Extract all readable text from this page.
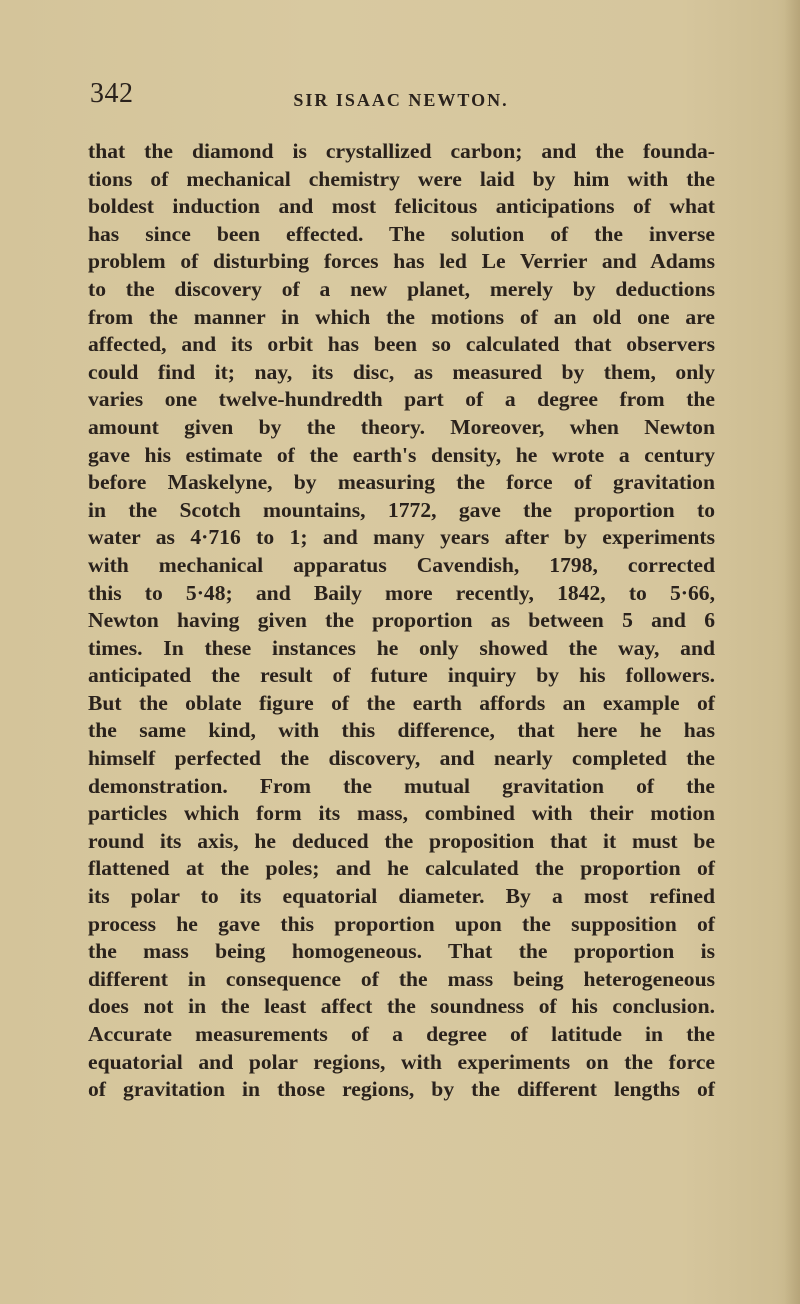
342	SIR ISAAC NEWTON.
that the diamond is crystallized carbon; and the founda-
tions of mechanical chemistry were laid by him with the
boldest induction and most felicitous anticipations of what
has since been effected. The solution of the inverse
problem of disturbing forces has led Le Verrier and Adams
to the discovery of a new planet, merely by deductions
from the manner in which the motions of an old one are
affected, and its orbit has been so calculated that observers
could find it; nay, its disc, as measured by them, only
varies one twelve-hundredth part of a degree from the
amount given by the theory. Moreover, when Newton
gave his estimate of the earth's density, he wrote a century
before Maskelyne, by measuring the force of gravitation
in the Scotch mountains, 1772, gave the proportion to
water as 4·716 to 1; and many years after by experiments
with mechanical apparatus Cavendish, 1798, corrected
this to 5·48; and Baily more recently, 1842, to 5·66,
Newton having given the proportion as between 5 and 6
times. In these instances he only showed the way, and
anticipated the result of future inquiry by his followers.
But the oblate figure of the earth affords an example of
the same kind, with this difference, that here he has
himself perfected the discovery, and nearly completed the
demonstration. From the mutual gravitation of the
particles which form its mass, combined with their motion
round its axis, he deduced the proposition that it must be
flattened at the poles; and he calculated the proportion of
its polar to its equatorial diameter. By a most refined
process he gave this proportion upon the supposition of
the mass being homogeneous. That the proportion is
different in consequence of the mass being heterogeneous
does not in the least affect the soundness of his conclusion.
Accurate measurements of a degree of latitude in the
equatorial and polar regions, with experiments on the force
of gravitation in those regions, by the different lengths of
